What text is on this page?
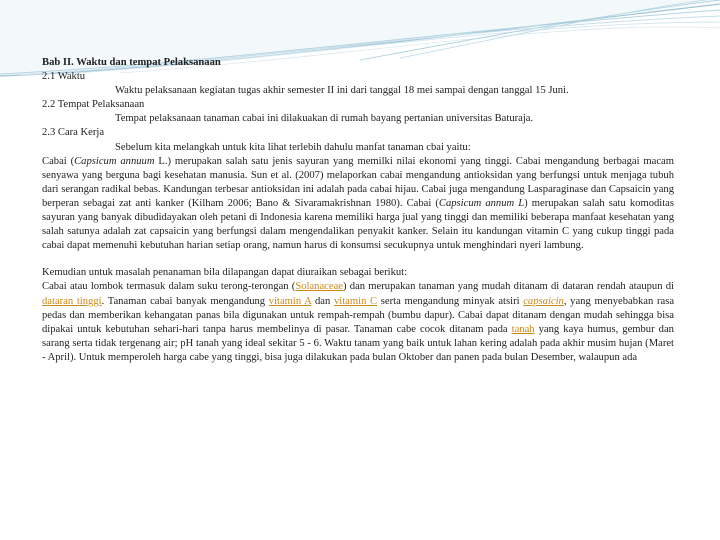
Bab II. Waktu dan tempat Pelaksanaan
2.1 Waktu
Waktu pelaksanaan kegiatan tugas akhir semester II ini dari tanggal 18 mei sampai dengan tanggal 15 Juni.
2.2 Tempat Pelaksanaan
Tempat pelaksanaan tanaman cabai ini dilakuakan di rumah bayang pertanian universitas Baturaja.
2.3 Cara Kerja
Sebelum kita melangkah untuk kita lihat terlebih dahulu manfat tanaman cbai yaitu:
Cabai (Capsicum annuum L.) merupakan salah satu jenis sayuran yang memilki nilai ekonomi yang tinggi. Cabai mengandung berbagai macam senyawa yang berguna bagi kesehatan manusia. Sun et al. (2007) melaporkan cabai mengandung antioksidan yang berfungsi untuk menjaga tubuh dari serangan radikal bebas. Kandungan terbesar antioksidan ini adalah pada cabai hijau. Cabai juga mengandung Lasparaginase dan Capsaicin yang berperan sebagai zat anti kanker (Kilham 2006; Bano & Sivaramakrishnan 1980). Cabai (Capsicum annum L) merupakan salah satu komoditas sayuran yang banyak dibudidayakan oleh petani di Indonesia karena memiliki harga jual yang tinggi dan memiliki beberapa manfaat kesehatan yang salah satunya adalah zat capsaicin yang berfungsi dalam mengendalikan penyakit kanker. Selain itu kandungan vitamin C yang cukup tinggi pada cabai dapat memenuhi kebutuhan harian setiap orang, namun harus di konsumsi secukupnya untuk menghindari nyeri lambung.
Kemudian untuk masalah penanaman bila dilapangan dapat diuraikan sebagai berikut:
Cabai atau lombok termasuk dalam suku terong-terongan (Solanaceae) dan merupakan tanaman yang mudah ditanam di dataran rendah ataupun di dataran tinggi. Tanaman cabai banyak mengandung vitamin A dan vitamin C serta mengandung minyak atsiri capsaicin, yang menyebabkan rasa pedas dan memberikan kehangatan panas bila digunakan untuk rempah-rempah (bumbu dapur). Cabai dapat ditanam dengan mudah sehingga bisa dipakai untuk kebutuhan sehari-hari tanpa harus membelinya di pasar. Tanaman cabe cocok ditanam pada tanah yang kaya humus, gembur dan sarang serta tidak tergenang air; pH tanah yang ideal sekitar 5 - 6. Waktu tanam yang baik untuk lahan kering adalah pada akhir musim hujan (Maret - April). Untuk memperoleh harga cabe yang tinggi, bisa juga dilakukan pada bulan Oktober dan panen pada bulan Desember, walaupun ada
